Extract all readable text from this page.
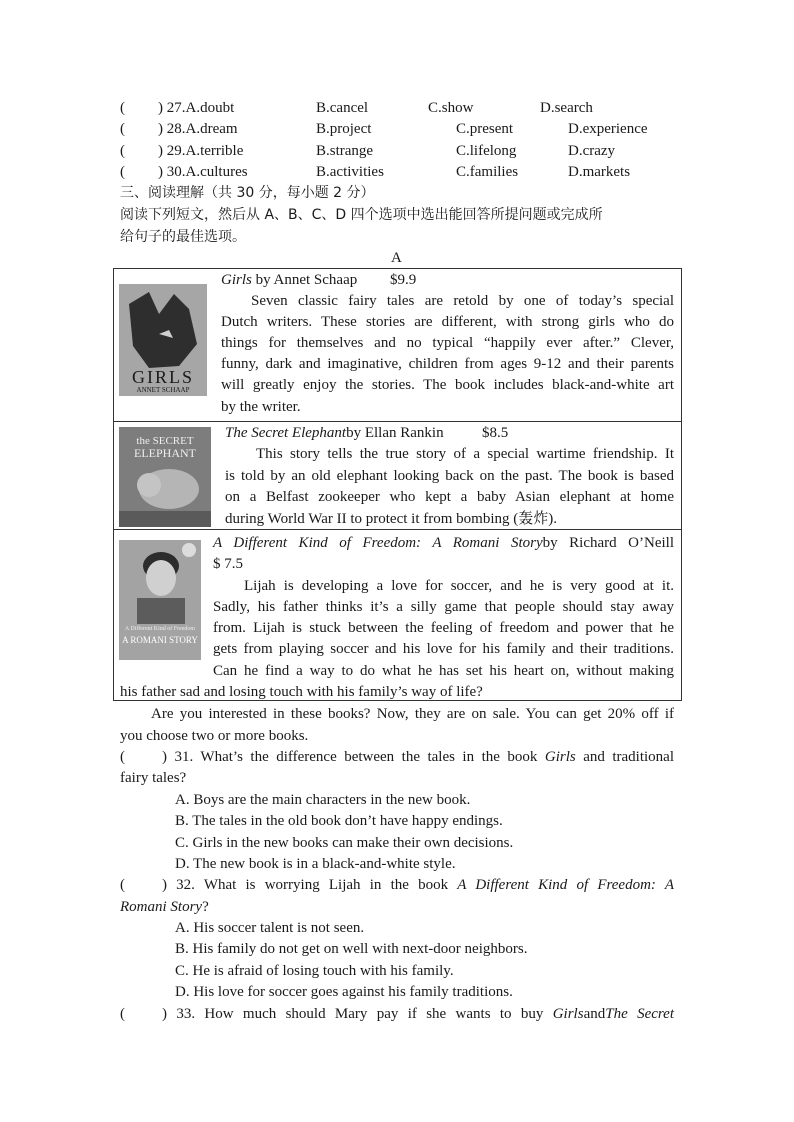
( ) 27.A.doubt	B.cancel	C.show	D.search
( ) 28.A.dream	B.project	C.present	D.experience
( ) 29.A.terrible	B.strange	C.lifelong	D.crazy
( ) 30.A.cultures	B.activities	C.families	D.markets
三、阅读理解（共 30 分，每小题 2 分）
阅读下列短文，然后从 A、B、C、D 四个选项中选出能回答所提问题或完成所
给句子的最佳选项。
A
GIRLS
ANNET SCHAAP
Girls by Annet Schaap $9.9
Seven classic fairy tales are retold by one of today’s special
Dutch writers. These stories are different, with strong girls who do
things for themselves and no typical “happily ever after.” Clever,
funny, dark and imaginative, children from ages 9-12 and their parents
will greatly enjoy the stories. The book includes black-and-white art
by the writer.
the SECRET
ELEPHANT
The Secret Elephantby Ellan Rankin	$8.5
This story tells the true story of a special wartime friendship. It
is told by an old elephant looking back on the past. The book is based
on a Belfast zookeeper who kept a baby Asian elephant at home
during World War II to protect it from bombing (轰炸).
A Different Kind of Freedom
A ROMANI STORY
A Different Kind of Freedom: A Romani Storyby Richard O’Neill
$ 7.5
Lijah is developing a love for soccer, and he is very good at it.
Sadly, his father thinks it’s a silly game that people should stay away
from. Lijah is stuck between the feeling of freedom and power that he
gets from playing soccer and his love for his family and their traditions.
Can he find a way to do what he has set his heart on, without making
his father sad and losing touch with his family’s way of life?
Are you interested in these books? Now, they are on sale. You can get 20% off if
you choose two or more books.
( ) 31. What’s the difference between the tales in the book Girls and traditional
fairy tales?
A. Boys are the main characters in the new book.
B. The tales in the old book don’t have happy endings.
C. Girls in the new books can make their own decisions.
D. The new book is in a black-and-white style.
( ) 32. What is worrying Lijah in the book A Different Kind of Freedom: A
Romani Story?
A. His soccer talent is not seen.
B. His family do not get on well with next-door neighbors.
C. He is afraid of losing touch with his family.
D. His love for soccer goes against his family traditions.
( ) 33. How much should Mary pay if she wants to buy GirlsandThe Secret
